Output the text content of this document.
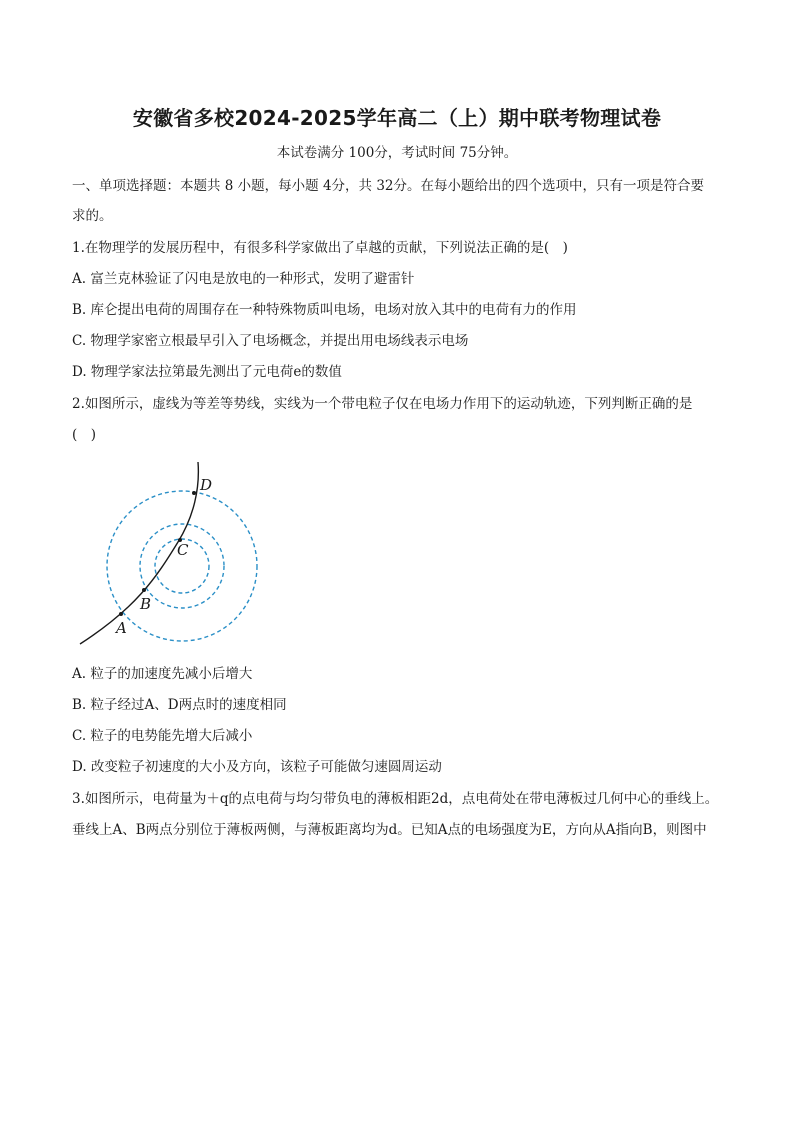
安徽省多校2024-2025学年高二（上）期中联考物理试卷
本试卷满分 100分，考试时间 75分钟。
一、单项选择题：本题共 8 小题，每小题 4分，共 32分。在每小题给出的四个选项中，只有一项是符合要
求的。
1.在物理学的发展历程中，有很多科学家做出了卓越的贡献，下列说法正确的是(　)
A. 富兰克林验证了闪电是放电的一种形式，发明了避雷针
B. 库仑提出电荷的周围存在一种特殊物质叫电场，电场对放入其中的电荷有力的作用
C. 物理学家密立根最早引入了电场概念，并提出用电场线表示电场
D. 物理学家法拉第最先测出了元电荷e的数值
2.如图所示，虚线为等差等势线，实线为一个带电粒子仅在电场力作用下的运动轨迹，下列判断正确的是
(　)
A
B
C
D
A. 粒子的加速度先减小后增大
B. 粒子经过A、D两点时的速度相同
C. 粒子的电势能先增大后减小
D. 改变粒子初速度的大小及方向，该粒子可能做匀速圆周运动
3.如图所示，电荷量为＋q的点电荷与均匀带负电的薄板相距2d，点电荷处在带电薄板过几何中心的垂线上。
垂线上A、B两点分别位于薄板两侧，与薄板距离均为d。已知A点的电场强度为E，方向从A指向B，则图中
